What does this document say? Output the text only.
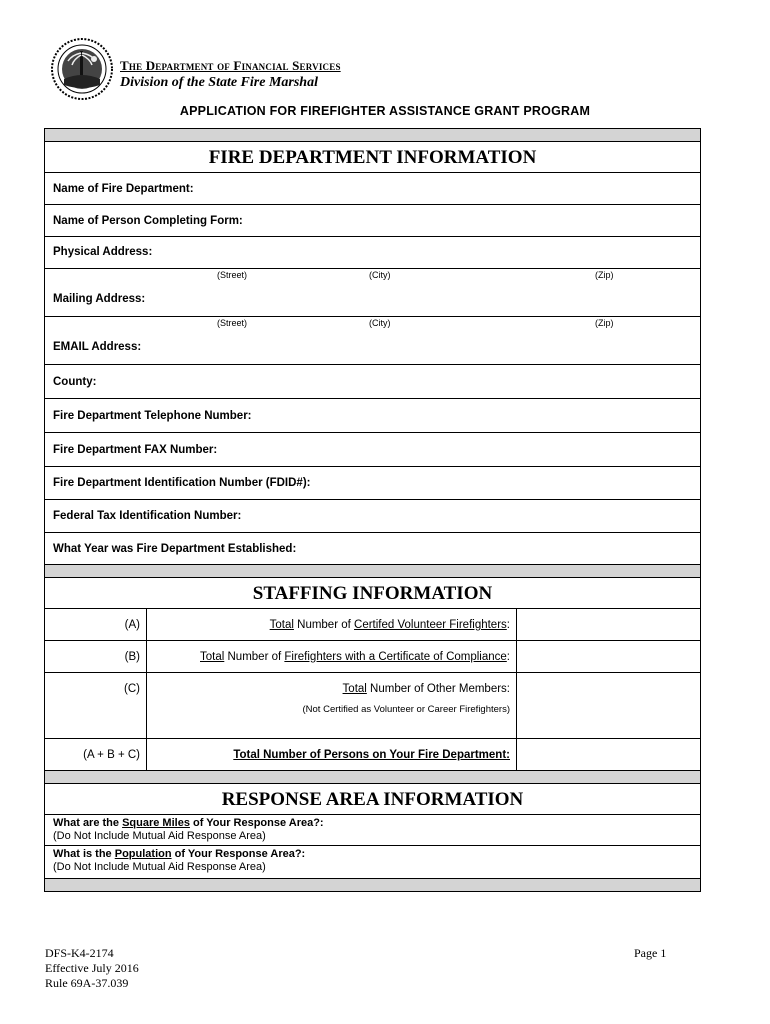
The Department of Financial Services
Division of the State Fire Marshal
APPLICATION FOR FIREFIGHTER ASSISTANCE GRANT PROGRAM
FIRE DEPARTMENT INFORMATION
Name of Fire Department:
Name of Person Completing Form:
Physical Address:
(Street)	(City)	(Zip)
Mailing Address:
(Street)	(City)	(Zip)
EMAIL Address:
County:
Fire Department Telephone Number:
Fire Department FAX Number:
Fire Department Identification Number (FDID#):
Federal Tax Identification Number:
What Year was Fire Department Established:
STAFFING INFORMATION
(A)	Total Number of Certifed Volunteer Firefighters:
(B)	Total Number of Firefighters with a Certificate of Compliance:
(C)	Total Number of Other Members:
(Not Certified as Volunteer or Career Firefighters)
(A + B + C)	Total Number of Persons on Your Fire Department:
RESPONSE AREA INFORMATION
What are the Square Miles of Your Response Area?:
(Do Not Include Mutual Aid Response Area)
What is the Population of Your Response Area?:
(Do Not Include Mutual Aid Response Area)
DFS-K4-2174
Effective July 2016
Rule 69A-37.039
Page 1
